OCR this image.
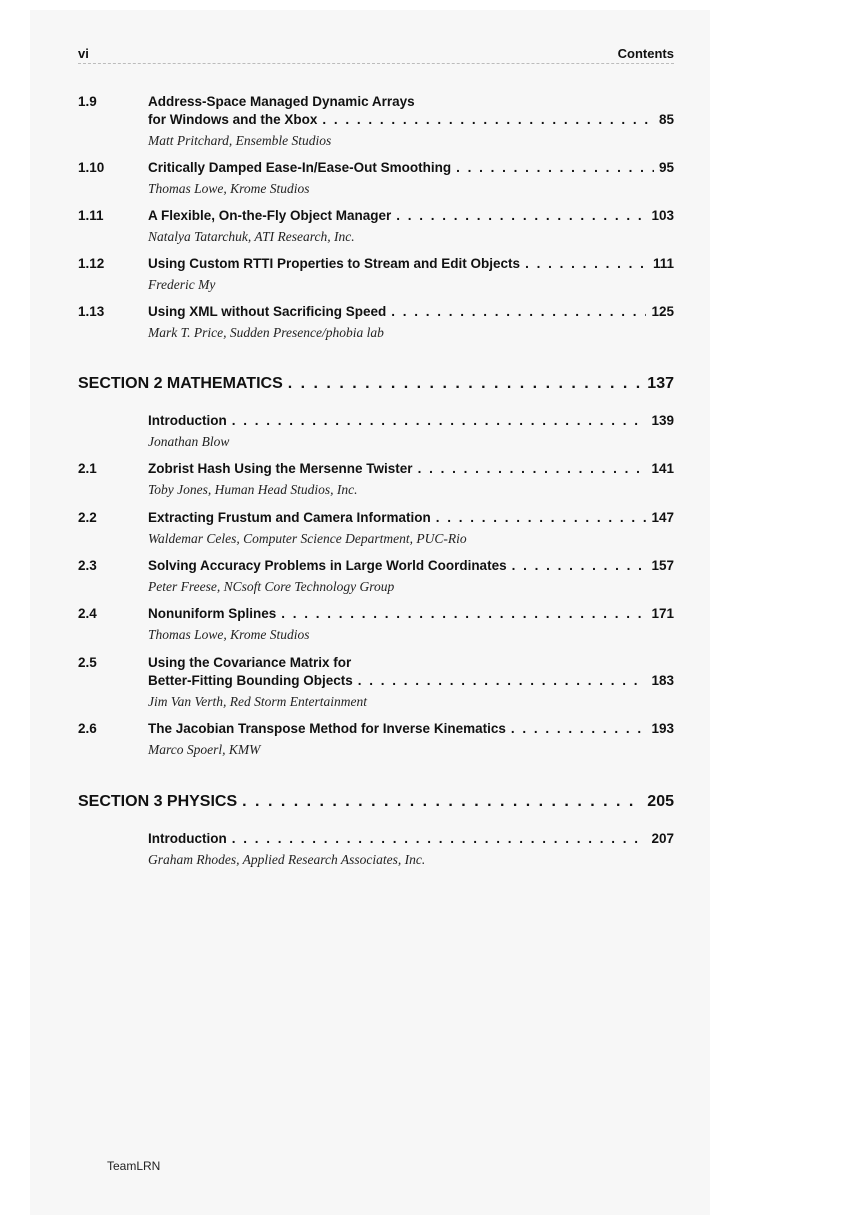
vi	Contents
1.9	Address-Space Managed Dynamic Arrays
for Windows and the Xbox . . .	85
Matt Pritchard, Ensemble Studios
1.10	Critically Damped Ease-In/Ease-Out Smoothing . . .	95
Thomas Lowe, Krome Studios
1.11	A Flexible, On-the-Fly Object Manager . . .	103
Natalya Tatarchuk, ATI Research, Inc.
1.12	Using Custom RTTI Properties to Stream and Edit Objects . . .	111
Frederic My
1.13	Using XML without Sacrificing Speed . . .	125
Mark T. Price, Sudden Presence/phobia lab
SECTION 2 MATHEMATICS . . .	137
Introduction . . .	139
Jonathan Blow
2.1	Zobrist Hash Using the Mersenne Twister . . .	141
Toby Jones, Human Head Studios, Inc.
2.2	Extracting Frustum and Camera Information . . .	147
Waldemar Celes, Computer Science Department, PUC-Rio
2.3	Solving Accuracy Problems in Large World Coordinates . . .	157
Peter Freese, NCsoft Core Technology Group
2.4	Nonuniform Splines . . .	171
Thomas Lowe, Krome Studios
2.5	Using the Covariance Matrix for
Better-Fitting Bounding Objects . . .	183
Jim Van Verth, Red Storm Entertainment
2.6	The Jacobian Transpose Method for Inverse Kinematics . . .	193
Marco Spoerl, KMW
SECTION 3 PHYSICS . . .	205
Introduction . . .	207
Graham Rhodes, Applied Research Associates, Inc.
TeamLRN
